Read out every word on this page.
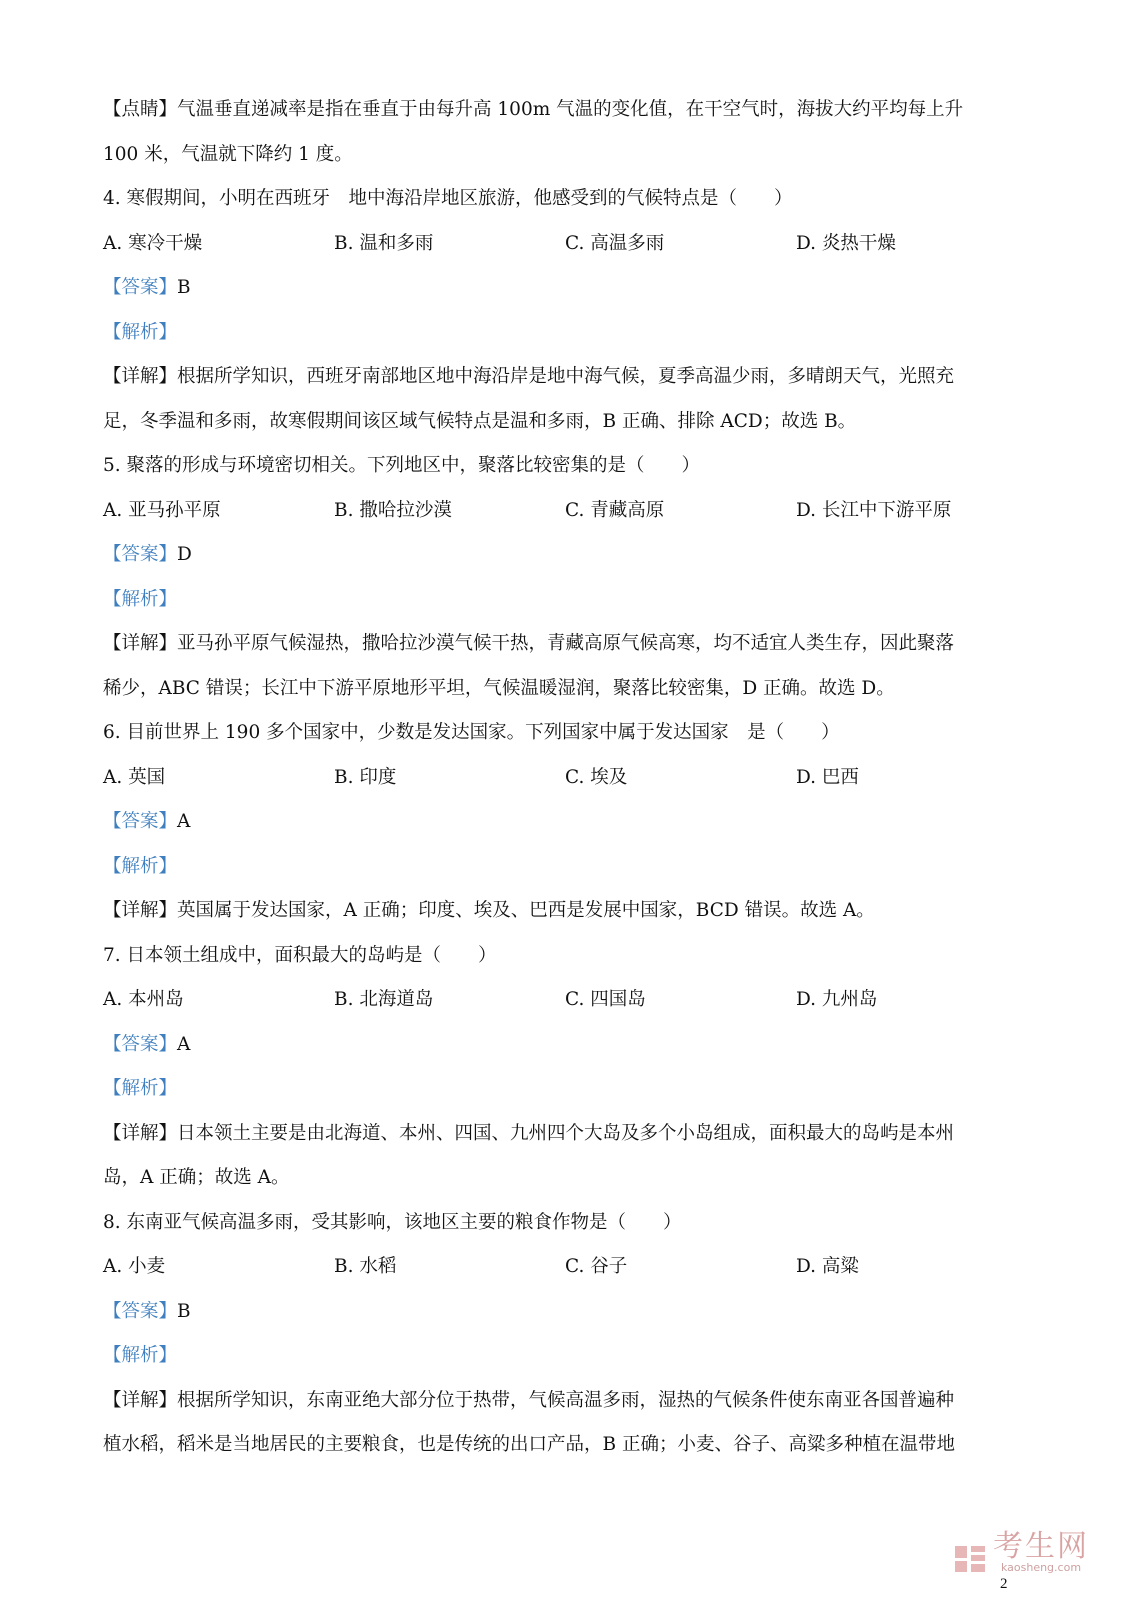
【点睛】气温垂直递减率是指在垂直于由每升高 100m 气温的变化值，在干空气时，海拔大约平均每上升
100 米，气温就下降约 1 度。
4. 寒假期间，小明在西班牙　地中海沿岸地区旅游，他感受到的气候特点是（　　）
A. 寒冷干燥	B. 温和多雨	C. 高温多雨	D. 炎热干燥
【答案】B
【解析】
【详解】根据所学知识，西班牙南部地区地中海沿岸是地中海气候，夏季高温少雨，多晴朗天气，光照充
足，冬季温和多雨，故寒假期间该区域气候特点是温和多雨，B 正确、排除 ACD；故选 B。
5. 聚落的形成与环境密切相关。下列地区中，聚落比较密集的是（　　）
A. 亚马孙平原	B. 撒哈拉沙漠	C. 青藏高原	D. 长江中下游平原
【答案】D
【解析】
【详解】亚马孙平原气候湿热，撒哈拉沙漠气候干热，青藏高原气候高寒，均不适宜人类生存，因此聚落
稀少，ABC 错误；长江中下游平原地形平坦，气候温暖湿润，聚落比较密集，D 正确。故选 D。
6. 目前世界上 190 多个国家中，少数是发达国家。下列国家中属于发达国家　是（　　）
A. 英国	B. 印度	C. 埃及	D. 巴西
【答案】A
【解析】
【详解】英国属于发达国家，A 正确；印度、埃及、巴西是发展中国家，BCD 错误。故选 A。
7. 日本领土组成中，面积最大的岛屿是（　　）
A. 本州岛	B. 北海道岛	C. 四国岛	D. 九州岛
【答案】A
【解析】
【详解】日本领土主要是由北海道、本州、四国、九州四个大岛及多个小岛组成，面积最大的岛屿是本州
岛，A 正确；故选 A。
8. 东南亚气候高温多雨，受其影响，该地区主要的粮食作物是（　　）
A. 小麦	B. 水稻	C. 谷子	D. 高粱
【答案】B
【解析】
【详解】根据所学知识，东南亚绝大部分位于热带，气候高温多雨，湿热的气候条件使东南亚各国普遍种
植水稻，稻米是当地居民的主要粮食，也是传统的出口产品，B 正确；小麦、谷子、高粱多种植在温带地
考生网
kaosheng.com
2
